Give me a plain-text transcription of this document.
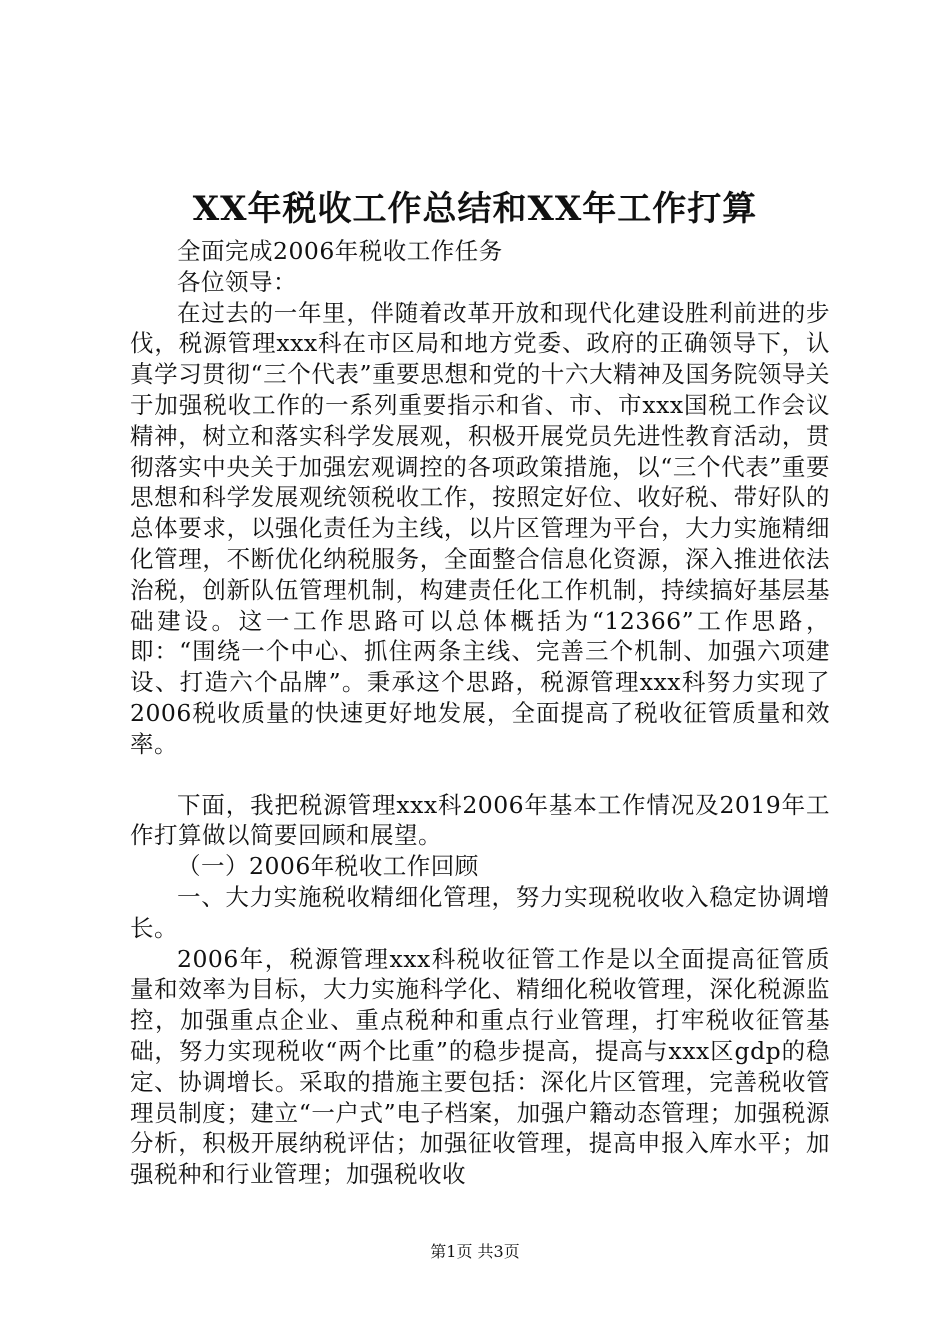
XX年税收工作总结和XX年工作打算

全面完成2006年税收工作任务

各位领导：

在过去的一年里，伴随着改革开放和现代化建设胜利前进的步伐，税源管理xxx科在市区局和地方党委、政府的正确领导下，认真学习贯彻“三个代表”重要思想和党的十六大精神及国务院领导关于加强税收工作的一系列重要指示和省、市、市xxx国税工作会议精神，树立和落实科学发展观，积极开展党员先进性教育活动，贯彻落实中央关于加强宏观调控的各项政策措施，以“三个代表”重要思想和科学发展观统领税收工作，按照定好位、收好税、带好队的总体要求，以强化责任为主线，以片区管理为平台，大力实施精细化管理，不断优化纳税服务，全面整合信息化资源，深入推进依法治税，创新队伍管理机制，构建责任化工作机制，持续搞好基层基础建设。这一工作思路可以总体概括为“12366”工作思路，即：“围绕一个中心、抓住两条主线、完善三个机制、加强六项建设、打造六个品牌”。秉承这个思路，税源管理xxx科努力实现了2006税收质量的快速更好地发展，全面提高了税收征管质量和效率。

下面，我把税源管理xxx科2006年基本工作情况及2019年工作打算做以简要回顾和展望。

（一）2006年税收工作回顾

一、大力实施税收精细化管理，努力实现税收收入稳定协调增长。

2006年，税源管理xxx科税收征管工作是以全面提高征管质量和效率为目标，大力实施科学化、精细化税收管理，深化税源监控，加强重点企业、重点税种和重点行业管理，打牢税收征管基础，努力实现税收“两个比重”的稳步提高，提高与xxx区gdp的稳定、协调增长。采取的措施主要包括：深化片区管理，完善税收管理员制度；建立“一户式”电子档案，加强户籍动态管理；加强税源分析，积极开展纳税评估；加强征收管理，提高申报入库水平；加强税种和行业管理；加强税收收

第1页 共3页
